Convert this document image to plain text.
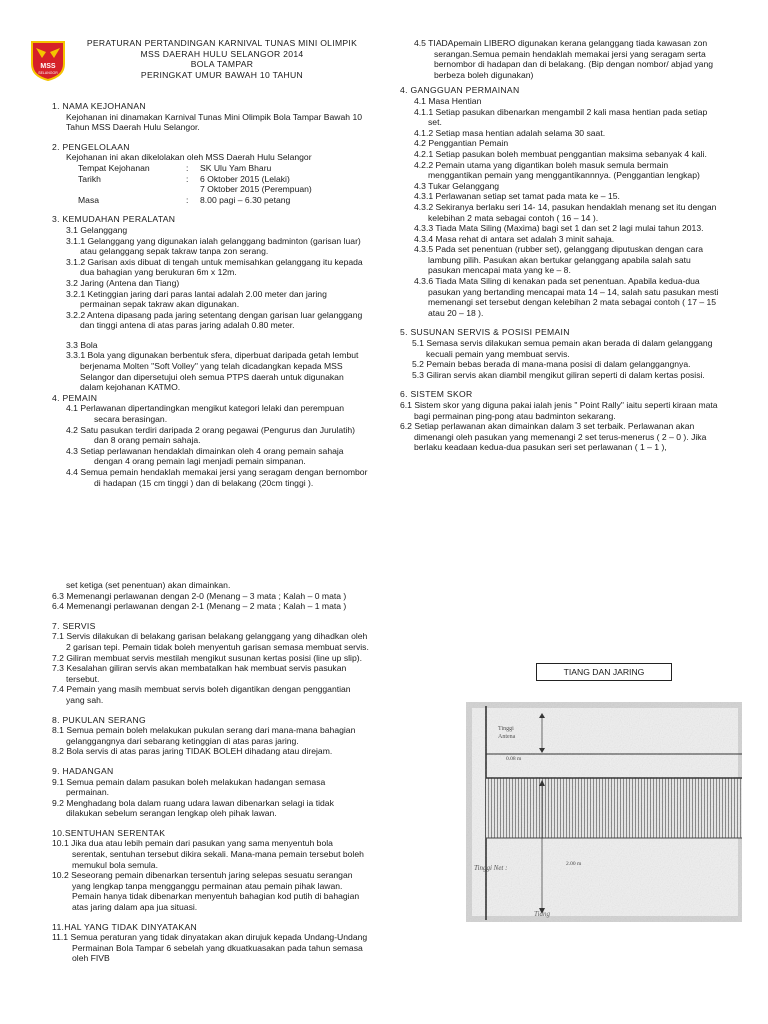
MSS
SELANGOR
PERATURAN PERTANDINGAN KARNIVAL TUNAS MINI OLIMPIK
MSS DAERAH HULU SELANGOR 2014
BOLA TAMPAR
PERINGKAT UMUR BAWAH 10 TAHUN

1. NAMA KEJOHANAN

Kejohanan ini dinamakan Karnival Tunas Mini Olimpik Bola Tampar Bawah 10 Tahun MSS Daerah Hulu Selangor.

2. PENGELOLAAN

Kejohanan ini akan dikelolakan oleh MSS Daerah Hulu Selangor

Tempat Kejohanan	:	SK Ulu Yam Bharu
Tarikh	:	6 Oktober 2015 (Lelaki)
		7 Oktober 2015 (Perempuan)
Masa	:	8.00 pagi – 6.30 petang

3. KEMUDAHAN PERALATAN

3.1 Gelanggang

3.1.1 Gelanggang yang digunakan ialah gelanggang badminton (garisan luar) atau gelanggang sepak takraw tanpa zon serang.

3.1.2 Garisan axis dibuat di tengah untuk memisahkan gelanggang itu kepada dua bahagian yang berukuran 6m x 12m.

3.2 Jaring (Antena dan Tiang)

3.2.1 Ketinggian jaring dari paras lantai adalah 2.00 meter dan jaring permainan sepak takraw akan digunakan.

3.2.2 Antena dipasang pada jaring setentang dengan garisan luar gelanggang dan tinggi antena di atas paras jaring adalah 0.80 meter.

3.3 Bola

3.3.1 Bola yang digunakan berbentuk sfera, diperbuat daripada getah lembut berjenama Molten "Soft Volley" yang telah dicadangkan kepada MSS Selangor dan dipersetujui oleh semua PTPS daerah untuk digunakan dalam kejohanan KATMO.

4. PEMAIN

4.1 Perlawanan dipertandingkan mengikut kategori lelaki dan perempuan secara berasingan.

4.2 Satu pasukan terdiri daripada 2 orang pegawai (Pengurus dan Jurulatih) dan 8 orang pemain sahaja.

4.3 Setiap perlawanan hendaklah dimainkan oleh 4 orang pemain sahaja dengan 4 orang pemain lagi menjadi pemain simpanan.

4.4 Semua pemain hendaklah memakai jersi yang seragam dengan bernombor di hadapan (15 cm tinggi ) dan di belakang (20cm tinggi ).

4.5 TIADApemain LIBERO digunakan kerana gelanggang tiada kawasan zon serangan.Semua pemain hendaklah memakai jersi yang seragam serta bernombor di hadapan dan di belakang. (Bip dengan nombor/ abjad yang berbeza boleh digunakan)

4. GANGGUAN PERMAINAN

4.1 Masa Hentian

4.1.1 Setiap pasukan dibenarkan mengambil 2 kali masa hentian pada setiap set.

4.1.2 Setiap masa hentian adalah selama 30 saat.

4.2 Penggantian Pemain

4.2.1 Setiap pasukan boleh membuat penggantian maksima sebanyak 4 kali.

4.2.2 Pemain utama yang digantikan boleh masuk semula bermain menggantikan pemain yang menggantikannnya. (Penggantian lengkap)

4.3 Tukar Gelanggang

4.3.1 Perlawanan setiap set tamat pada mata ke – 15.

4.3.2 Sekiranya berlaku seri 14- 14, pasukan hendaklah menang set itu dengan kelebihan 2 mata sebagai contoh ( 16 – 14 ).

4.3.3 Tiada Mata Siling (Maxima) bagi set 1 dan set 2 lagi mulai tahun 2013.

4.3.4 Masa rehat di antara set adalah 3 minit sahaja.

4.3.5 Pada set penentuan (rubber set), gelanggang diputuskan dengan cara lambung pilih. Pasukan akan bertukar gelanggang apabila salah satu pasukan mencapai mata yang ke – 8.

4.3.6 Tiada Mata Siling di kenakan pada set penentuan. Apabila kedua-dua pasukan yang bertanding mencapai mata 14 – 14, salah satu pasukan mesti memenangi set tersebut dengan kelebihan 2 mata sebagai contoh ( 17 – 15 atau 20 – 18 ).

5. SUSUNAN SERVIS & POSISI PEMAIN

5.1 Semasa servis dilakukan semua pemain akan berada di dalam gelanggang kecuali pemain yang membuat servis.

5.2 Pemain bebas berada di mana-mana posisi di dalam gelanggangnya.

5.3 Giliran servis akan diambil mengikut giliran seperti di dalam kertas posisi.

6. SISTEM SKOR

6.1 Sistem skor yang diguna pakai ialah jenis " Point Rally" iaitu seperti kiraan mata bagi permainan ping-pong atau badminton sekarang.

6.2 Setiap perlawanan akan dimainkan dalam 3 set terbaik. Perlawanan akan dimenangi oleh pasukan yang memenangi 2 set terus-menerus ( 2 – 0 ). Jika berlaku keadaan kedua-dua pasukan seri set perlawanan ( 1 – 1 ),

set ketiga (set penentuan) akan dimainkan.

6.3 Memenangi perlawanan dengan 2-0 (Menang – 3 mata ; Kalah – 0 mata )

6.4 Memenangi perlawanan dengan 2-1 (Menang – 2 mata ; Kalah – 1 mata )

7. SERVIS

7.1 Servis dilakukan di belakang garisan belakang gelanggang yang dihadkan oleh 2 garisan tepi. Pemain tidak boleh menyentuh garisan semasa membuat servis.

7.2 Giliran membuat servis mestilah mengikut susunan kertas posisi (line up slip).

7.3 Kesalahan giliran servis akan membatalkan hak membuat servis pasukan tersebut.

7.4 Pemain yang masih membuat servis boleh digantikan dengan penggantian yang sah.

8. PUKULAN SERANG

8.1 Semua pemain boleh melakukan pukulan serang dari mana-mana bahagian gelanggangnya dari sebarang ketinggian di atas paras jaring.

8.2 Bola servis di atas paras jaring TIDAK BOLEH dihadang atau direjam.

9. HADANGAN

9.1 Semua pemain dalam pasukan boleh melakukan hadangan semasa permainan.

9.2 Menghadang bola dalam ruang udara lawan dibenarkan selagi ia tidak dilakukan sebelum serangan lengkap oleh pihak lawan.

10.SENTUHAN SERENTAK

10.1 Jika dua atau lebih pemain dari pasukan yang sama menyentuh bola serentak, sentuhan tersebut dikira sekali. Mana-mana pemain tersebut boleh memukul bola semula.

10.2 Seseorang pemain dibenarkan tersentuh jaring selepas sesuatu serangan yang lengkap tanpa mengganggu permainan atau pemain pihak lawan. Pemain hanya tidak dibenarkan menyentuh bahagian kod putih di bahagian atas jaring dalam apa jua situasi.

11.HAL YANG TIDAK DINYATAKAN

11.1 Semua peraturan yang tidak dinyatakan akan dirujuk kepada Undang-Undang Permainan Bola Tampar 6 sebelah yang dkuatkuasakan pada tahun semasa oleh FIVB

TIANG DAN JARING
